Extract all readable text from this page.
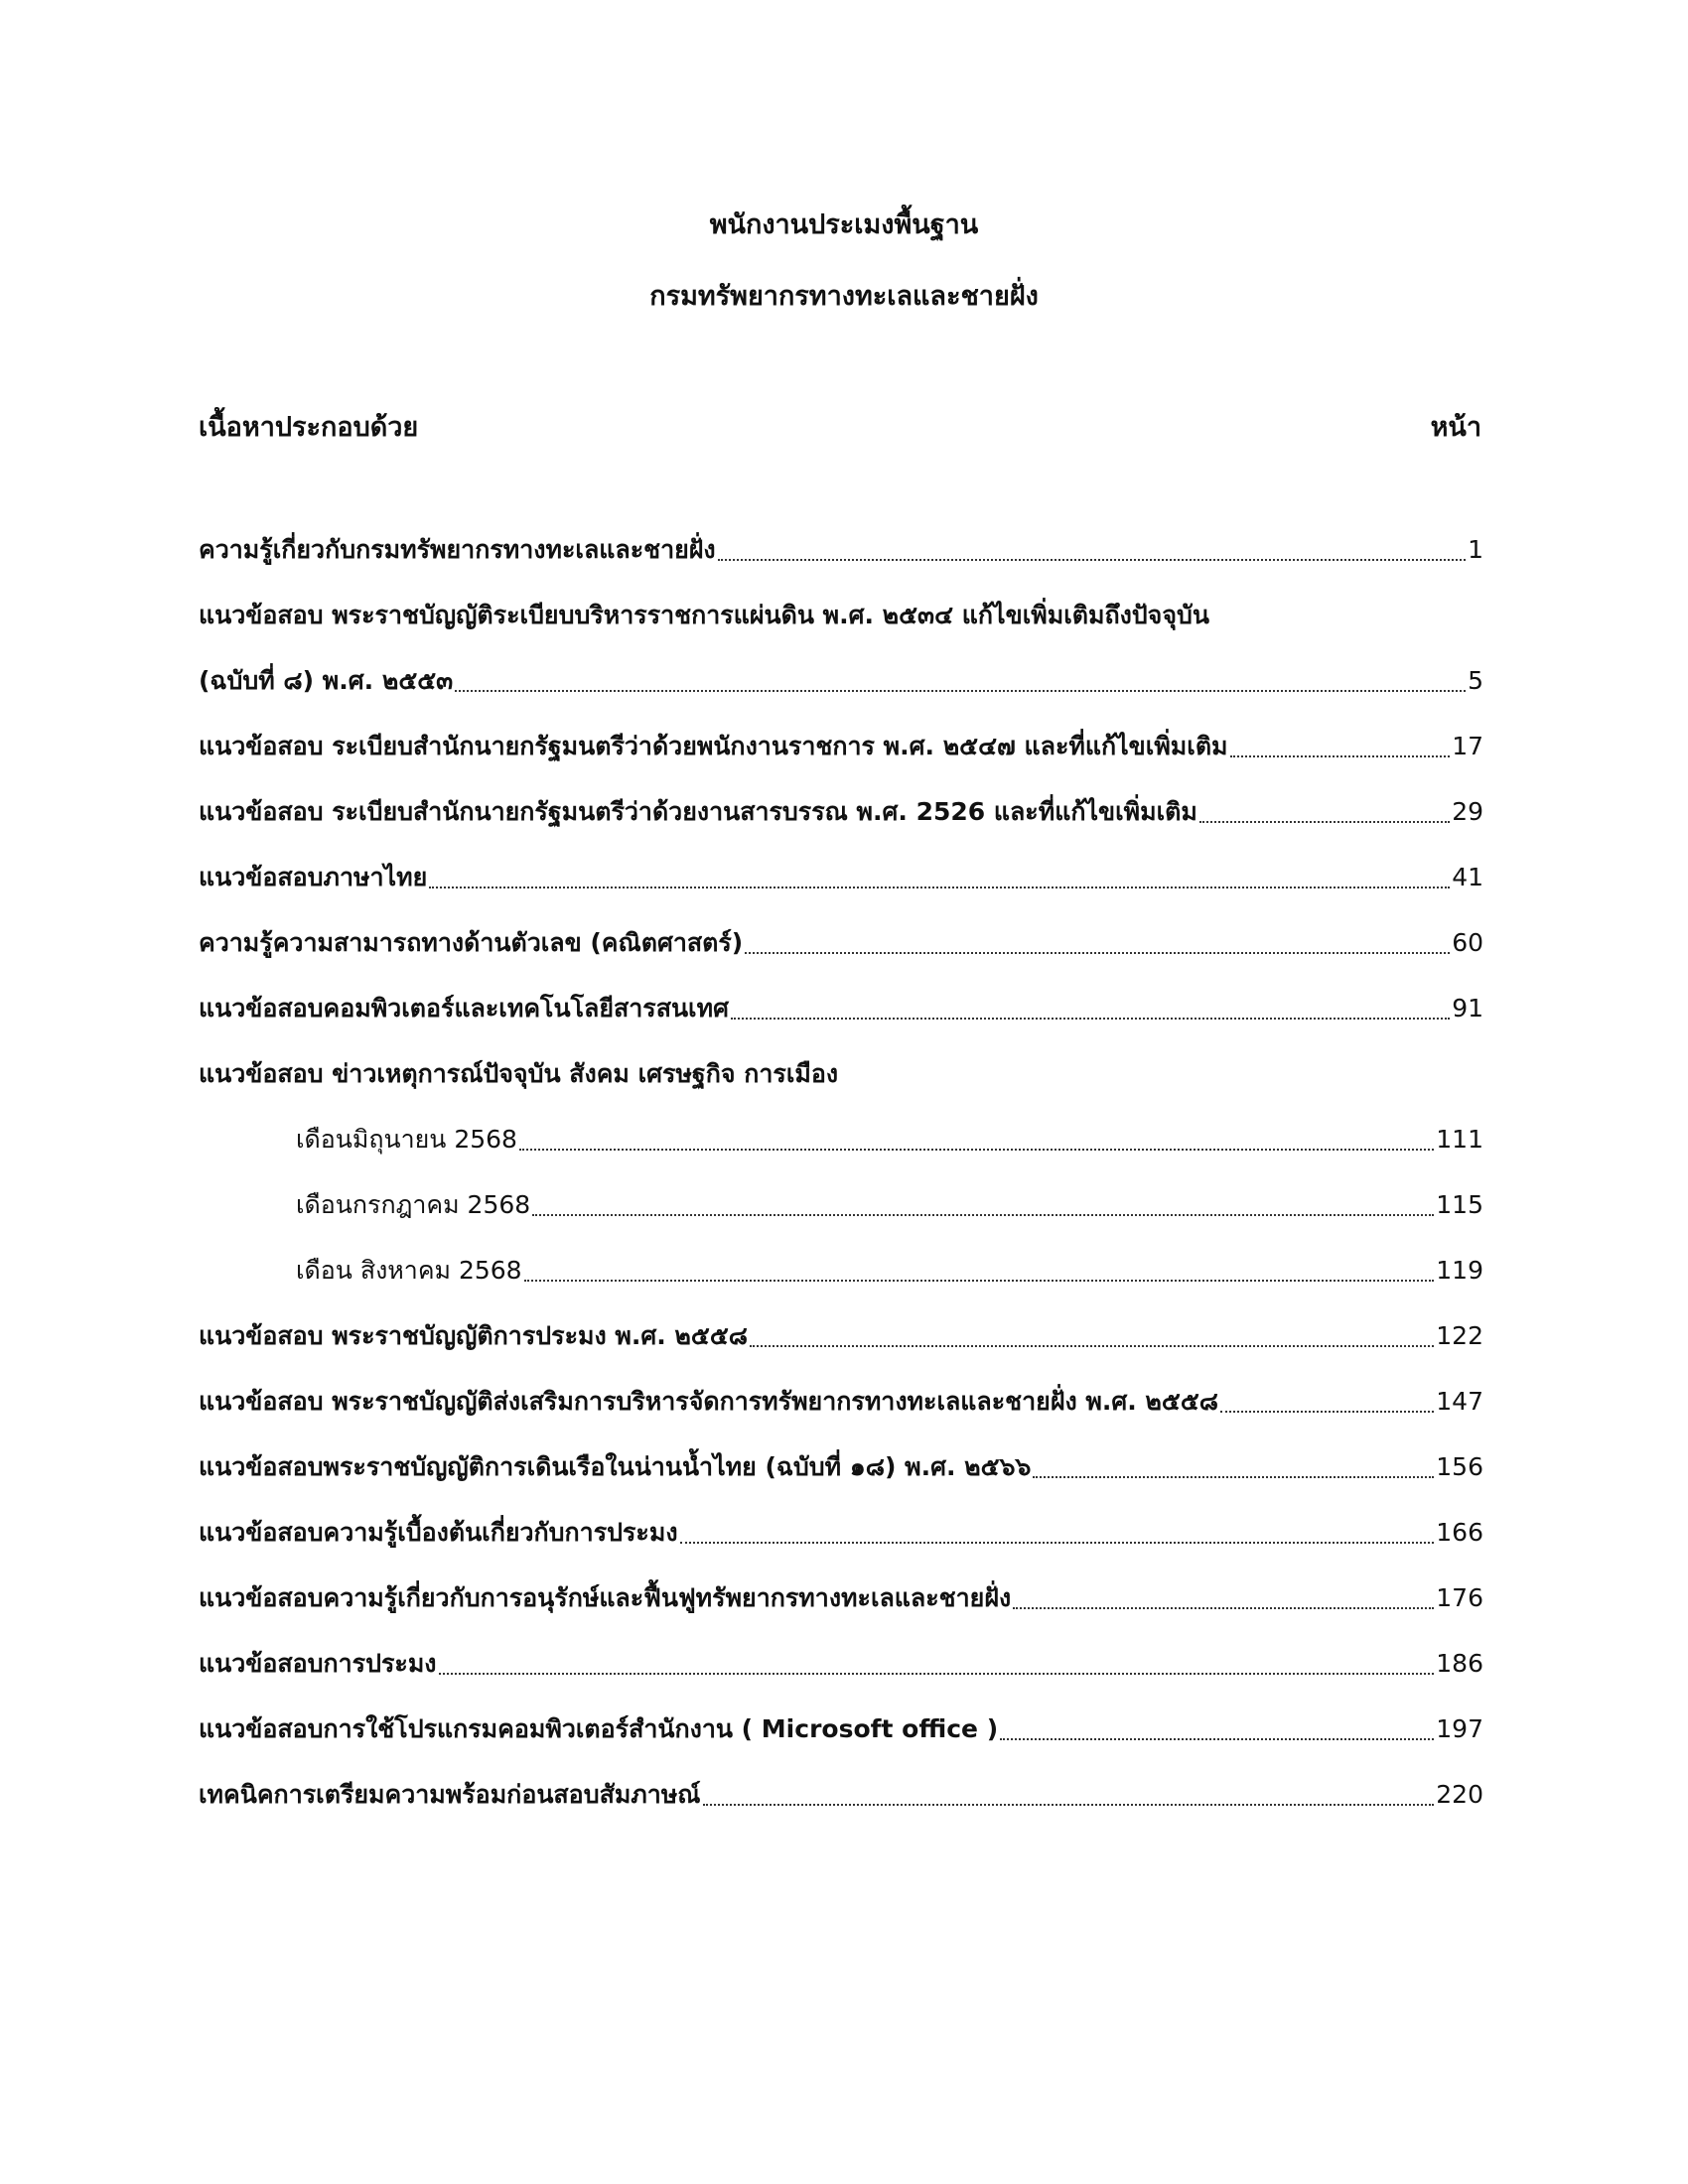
พนักงานประเมงพื้นฐาน
กรมทรัพยากรทางทะเลและชายฝั่ง
เนื้อหาประกอบด้วย	หน้า
ความรู้เกี่ยวกับกรมทรัพยากรทางทะเลและชายฝั่ง	1
แนวข้อสอบ พระราชบัญญัติระเบียบบริหารราชการแผ่นดิน พ.ศ. ๒๕๓๔ แก้ไขเพิ่มเติมถึงปัจจุบัน
(ฉบับที่ ๘) พ.ศ. ๒๕๕๓	5
แนวข้อสอบ ระเบียบสำนักนายกรัฐมนตรีว่าด้วยพนักงานราชการ พ.ศ. ๒๕๔๗ และที่แก้ไขเพิ่มเติม	17
แนวข้อสอบ ระเบียบสำนักนายกรัฐมนตรีว่าด้วยงานสารบรรณ พ.ศ. 2526 และที่แก้ไขเพิ่มเติม	29
แนวข้อสอบภาษาไทย	41
ความรู้ความสามารถทางด้านตัวเลข (คณิตศาสตร์)	60
แนวข้อสอบคอมพิวเตอร์และเทคโนโลยีสารสนเทศ	91
แนวข้อสอบ ข่าวเหตุการณ์ปัจจุบัน สังคม เศรษฐกิจ การเมือง
เดือนมิถุนายน 2568	111
เดือนกรกฎาคม 2568	115
เดือน สิงหาคม 2568	119
แนวข้อสอบ พระราชบัญญัติการประมง พ.ศ. ๒๕๕๘	122
แนวข้อสอบ พระราชบัญญัติส่งเสริมการบริหารจัดการทรัพยากรทางทะเลและชายฝั่ง พ.ศ. ๒๕๕๘	147
แนวข้อสอบพระราชบัญญัติการเดินเรือในน่านน้ำไทย (ฉบับที่ ๑๘) พ.ศ. ๒๕๖๖	156
แนวข้อสอบความรู้เบื้องต้นเกี่ยวกับการประมง	166
แนวข้อสอบความรู้เกี่ยวกับการอนุรักษ์และฟื้นฟูทรัพยากรทางทะเลและชายฝั่ง	176
แนวข้อสอบการประมง	186
แนวข้อสอบการใช้โปรแกรมคอมพิวเตอร์สำนักงาน ( Microsoft office )	197
เทคนิคการเตรียมความพร้อมก่อนสอบสัมภาษณ์	220
